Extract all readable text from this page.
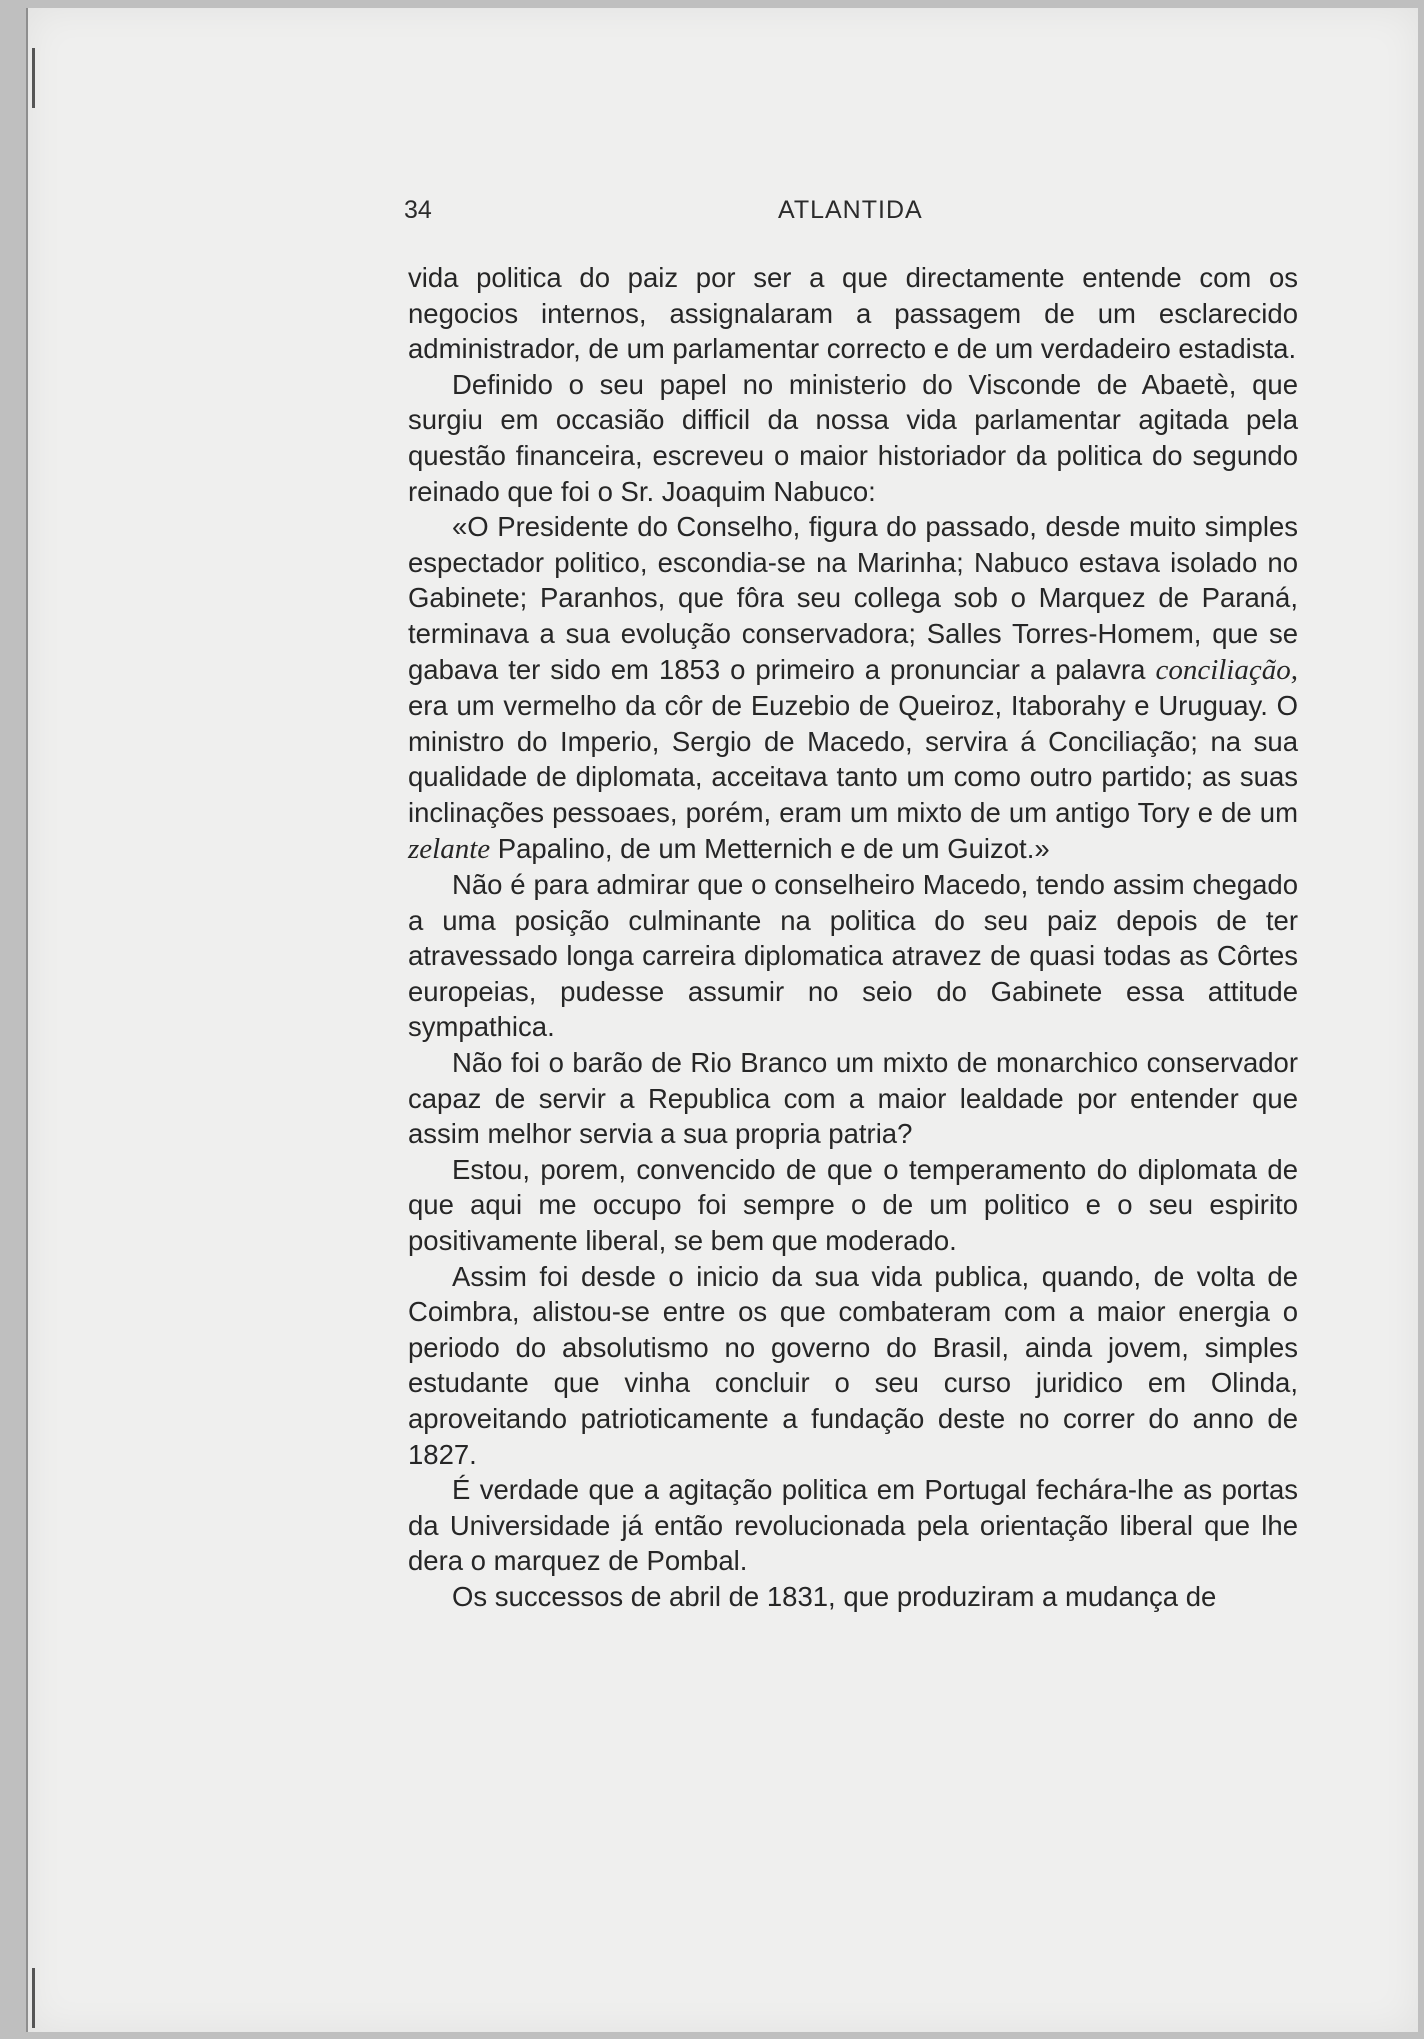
34	ATLANTIDA

vida politica do paiz por ser a que directamente entende com os negocios internos, assignalaram a passagem de um esclarecido administrador, de um parlamentar correcto e de um verdadeiro estadista.

Definido o seu papel no ministerio do Visconde de Abaetè, que surgiu em occasião difficil da nossa vida parlamentar agitada pela questão financeira, escreveu o maior historiador da politica do segundo reinado que foi o Sr. Joaquim Nabuco:

«O Presidente do Conselho, figura do passado, desde muito simples espectador politico, escondia-se na Marinha; Nabuco estava isolado no Gabinete; Paranhos, que fôra seu collega sob o Marquez de Paraná, terminava a sua evolução conservadora; Salles Torres-Homem, que se gabava ter sido em 1853 o primeiro a pronunciar a palavra conciliação, era um vermelho da côr de Euzebio de Queiroz, Itaborahy e Uruguay. O ministro do Imperio, Sergio de Macedo, servira á Conciliação; na sua qualidade de diplomata, acceitava tanto um como outro partido; as suas inclinações pessoaes, porém, eram um mixto de um antigo Tory e de um zelante Papalino, de um Metternich e de um Guizot.»

Não é para admirar que o conselheiro Macedo, tendo assim chegado a uma posição culminante na politica do seu paiz depois de ter atravessado longa carreira diplomatica atravez de quasi todas as Côrtes europeias, pudesse assumir no seio do Gabinete essa attitude sympathica.

Não foi o barão de Rio Branco um mixto de monarchico conservador capaz de servir a Republica com a maior lealdade por entender que assim melhor servia a sua propria patria?

Estou, porem, convencido de que o temperamento do diplomata de que aqui me occupo foi sempre o de um politico e o seu espirito positivamente liberal, se bem que moderado.

Assim foi desde o inicio da sua vida publica, quando, de volta de Coimbra, alistou-se entre os que combateram com a maior energia o periodo do absolutismo no governo do Brasil, ainda jovem, simples estudante que vinha concluir o seu curso juridico em Olinda, aproveitando patrioticamente a fundação deste no correr do anno de 1827.

É verdade que a agitação politica em Portugal fechára-lhe as portas da Universidade já então revolucionada pela orientação liberal que lhe dera o marquez de Pombal.

Os successos de abril de 1831, que produziram a mudança de
